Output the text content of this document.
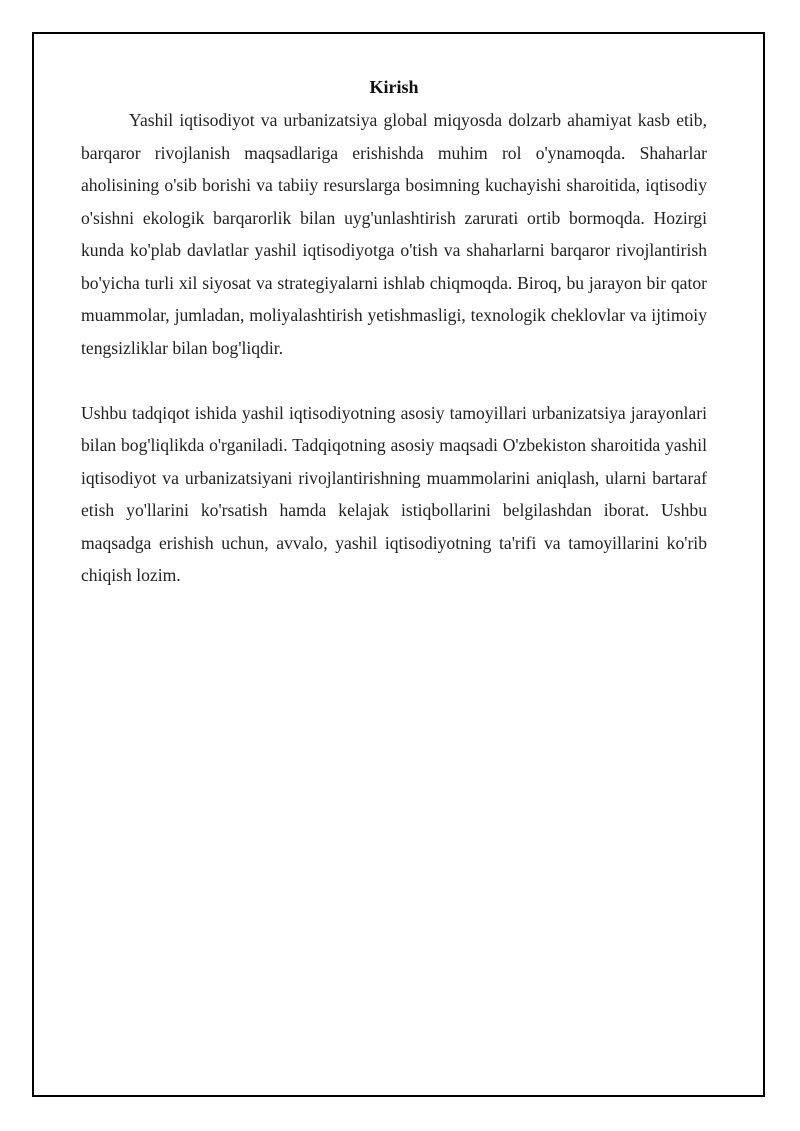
Kirish

Yashil iqtisodiyot va urbanizatsiya global miqyosda dolzarb ahamiyat kasb etib, barqaror rivojlanish maqsadlariga erishishda muhim rol o'ynamoqda. Shaharlar aholisining o'sib borishi va tabiiy resurslarga bosimning kuchayishi sharoitida, iqtisodiy o'sishni ekologik barqarorlik bilan uyg'unlashtirish zarurati ortib bormoqda. Hozirgi kunda ko'plab davlatlar yashil iqtisodiyotga o'tish va shaharlarni barqaror rivojlantirish bo'yicha turli xil siyosat va strategiyalarni ishlab chiqmoqda. Biroq, bu jarayon bir qator muammolar, jumladan, moliyalashtirish yetishmasligi, texnologik cheklovlar va ijtimoiy tengsizliklar bilan bog'liqdir.

Ushbu tadqiqot ishida yashil iqtisodiyotning asosiy tamoyillari urbanizatsiya jarayonlari bilan bog'liqlikda o'rganiladi. Tadqiqotning asosiy maqsadi O'zbekiston sharoitida yashil iqtisodiyot va urbanizatsiyani rivojlantirishning muammolarini aniqlash, ularni bartaraf etish yo'llarini ko'rsatish hamda kelajak istiqbollarini belgilashdan iborat. Ushbu maqsadga erishish uchun, avvalo, yashil iqtisodiyotning ta'rifi va tamoyillarini ko'rib chiqish lozim.
